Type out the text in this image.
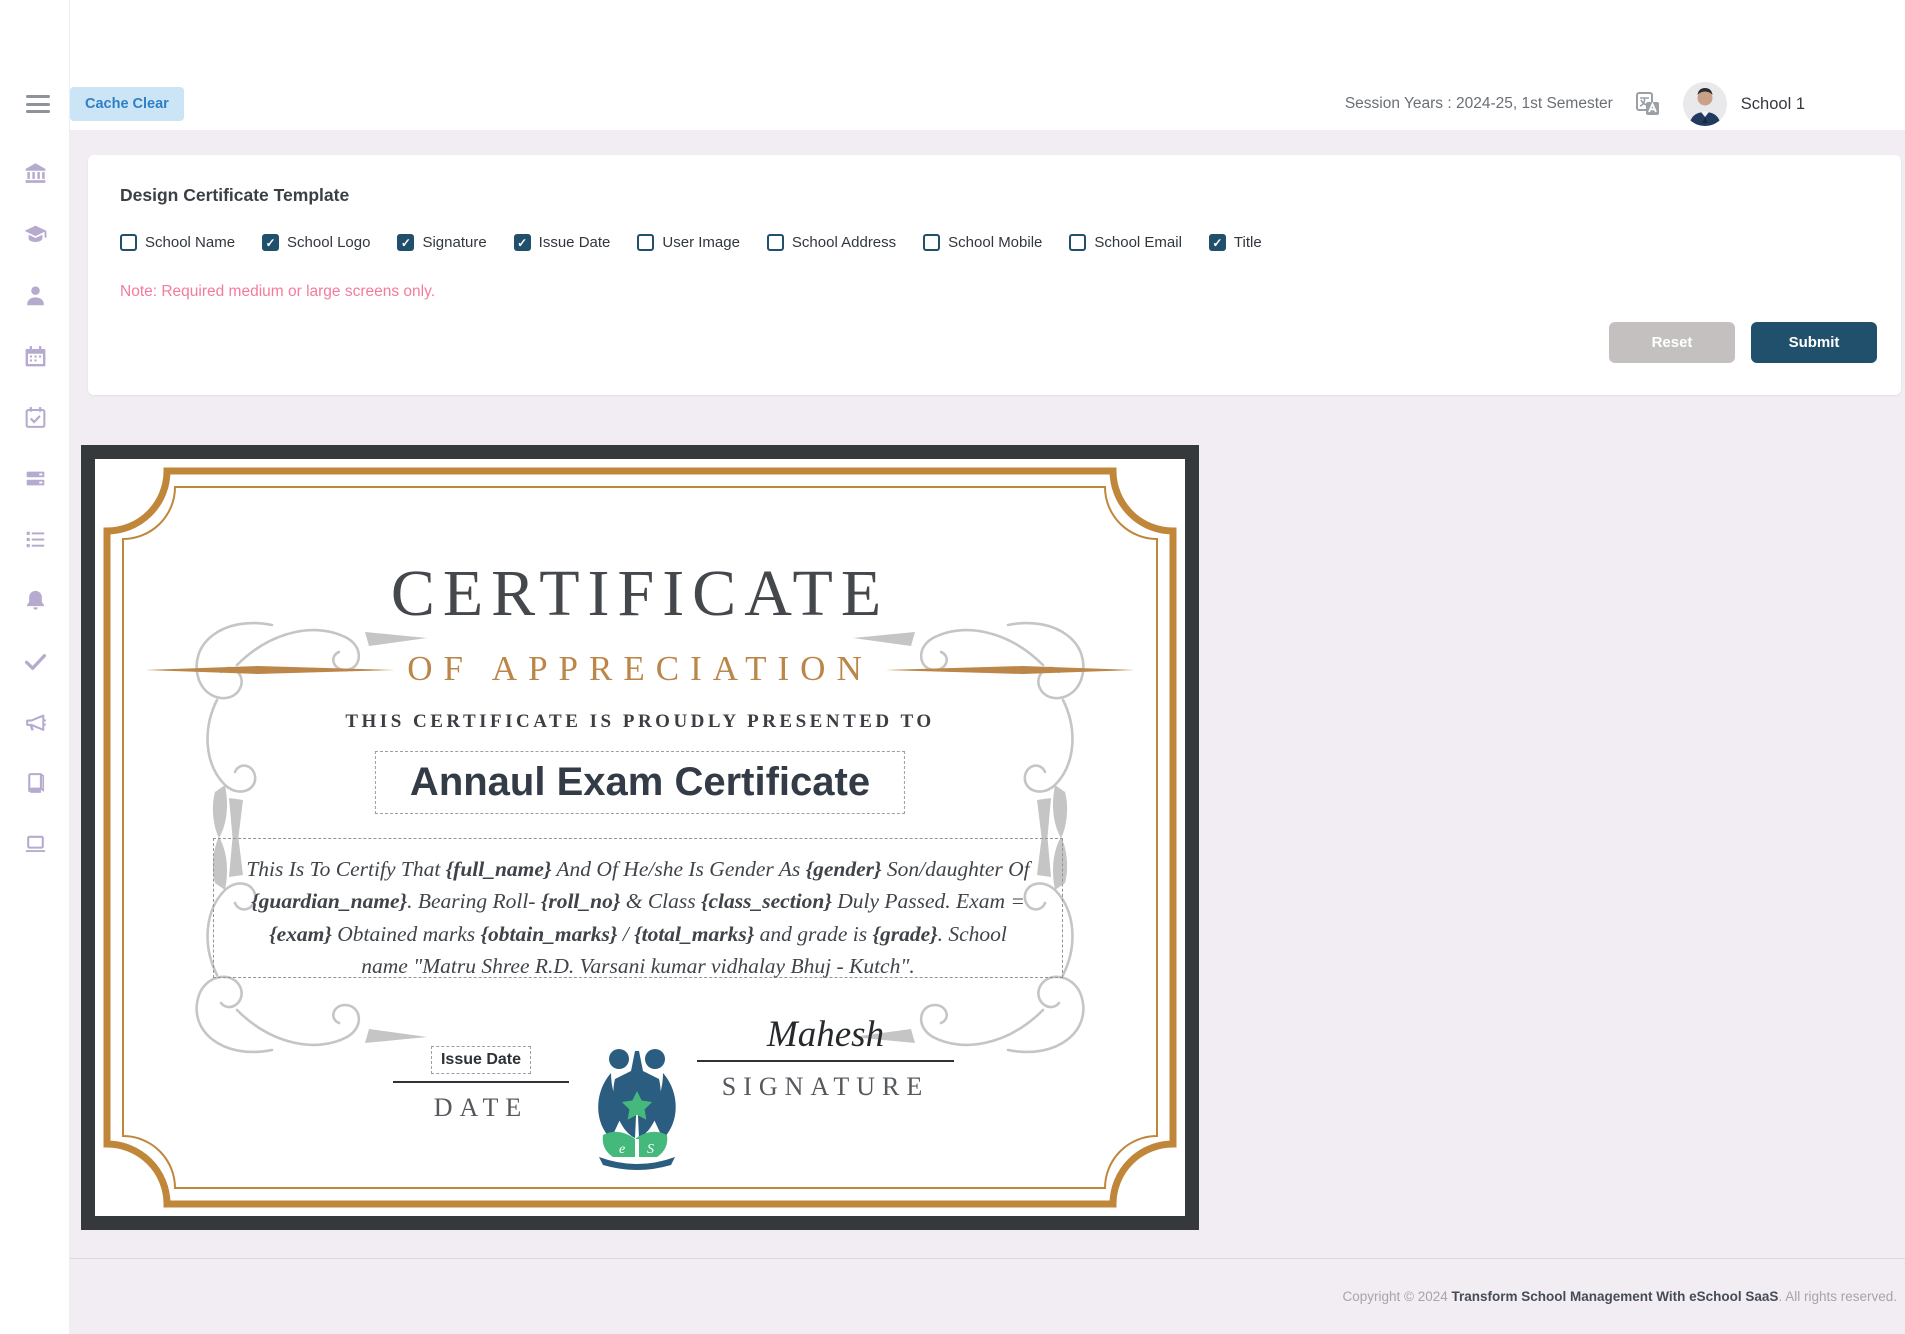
Cache Clear	Session Years : 2024-25, 1st Semester	School 1
Design Certificate Template
School Name ✓	School Logo ✓	Signature ✓	Issue Date	User Image	School Address	School Mobile	School Email ✓	Title

Note: Required medium or large screens only.

Reset	Submit
CERTIFICATE
OF APPRECIATION
THIS CERTIFICATE IS PROUDLY PRESENTED TO
Annaul Exam Certificate
This Is To Certify That {full_name} And Of He/she Is Gender As {gender} Son/daughter Of {guardian_name}. Bearing Roll- {roll_no} & Class {class_section} Duly Passed. Exam = {exam} Obtained marks {obtain_marks} / {total_marks} and grade is {grade}. School name "Matru Shree R.D. Varsani kumar vidhalay Bhuj - Kutch".
Issue Date
DATE
e S
Mahesh
SIGNATURE

Copyright © 2024 Transform School Management With eSchool SaaS. All rights reserved.
